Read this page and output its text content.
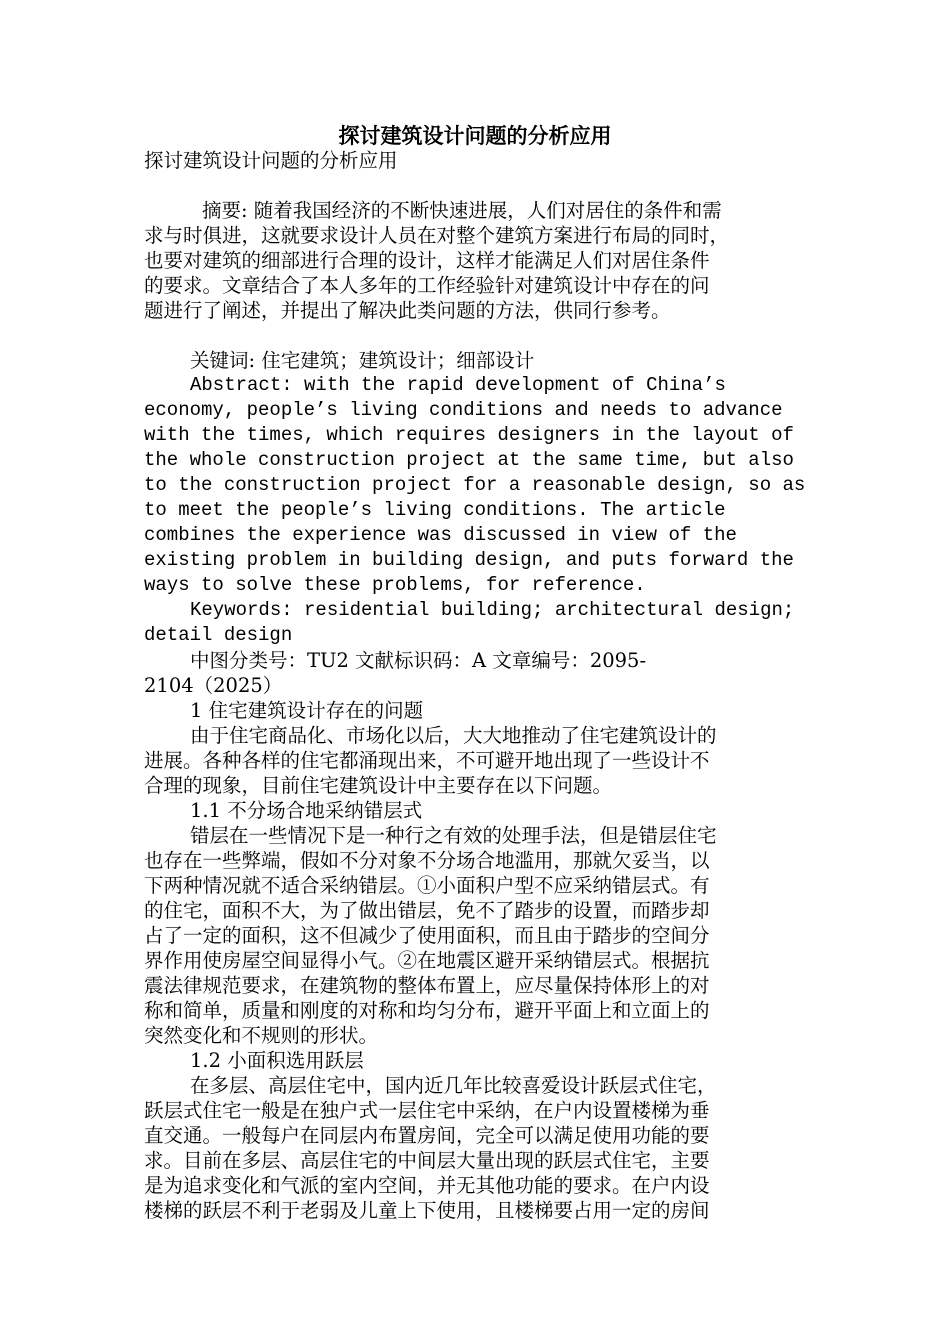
探讨建筑设计问题的分析应用
探讨建筑设计问题的分析应用
摘要: 随着我国经济的不断快速进展，人们对居住的条件和需
求与时俱进，这就要求设计人员在对整个建筑方案进行布局的同时，
也要对建筑的细部进行合理的设计，这样才能满足人们对居住条件
的要求。文章结合了本人多年的工作经验针对建筑设计中存在的问
题进行了阐述，并提出了解决此类问题的方法，供同行参考。
关键词: 住宅建筑；建筑设计；细部设计
Abstract: with the rapid development of China’s
economy, people’s living conditions and needs to advance
with the times, which requires designers in the layout of
the whole construction project at the same time, but also
to the construction project for a reasonable design, so as
to meet the people’s living conditions. The article
combines the experience was discussed in view of the
existing problem in building design, and puts forward the
ways to solve these problems, for reference.
Keywords: residential building; architectural design;
detail design
中图分类号：TU2 文献标识码：A 文章编号：2095-
2104（2025）
1 住宅建筑设计存在的问题
由于住宅商品化、市场化以后，大大地推动了住宅建筑设计的
进展。各种各样的住宅都涌现出来，不可避开地出现了一些设计不
合理的现象，目前住宅建筑设计中主要存在以下问题。
1.1 不分场合地采纳错层式
错层在一些情况下是一种行之有效的处理手法，但是错层住宅
也存在一些弊端，假如不分对象不分场合地滥用，那就欠妥当，以
下两种情况就不适合采纳错层。①小面积户型不应采纳错层式。有
的住宅，面积不大，为了做出错层，免不了踏步的设置，而踏步却
占了一定的面积，这不但减少了使用面积，而且由于踏步的空间分
界作用使房屋空间显得小气。②在地震区避开采纳错层式。根据抗
震法律规范要求，在建筑物的整体布置上，应尽量保持体形上的对
称和简单，质量和刚度的对称和均匀分布，避开平面上和立面上的
突然变化和不规则的形状。
1.2 小面积选用跃层
在多层、高层住宅中，国内近几年比较喜爱设计跃层式住宅，
跃层式住宅一般是在独户式一层住宅中采纳，在户内设置楼梯为垂
直交通。一般每户在同层内布置房间，完全可以满足使用功能的要
求。目前在多层、高层住宅的中间层大量出现的跃层式住宅，主要
是为追求变化和气派的室内空间，并无其他功能的要求。在户内设
楼梯的跃层不利于老弱及儿童上下使用，且楼梯要占用一定的房间
